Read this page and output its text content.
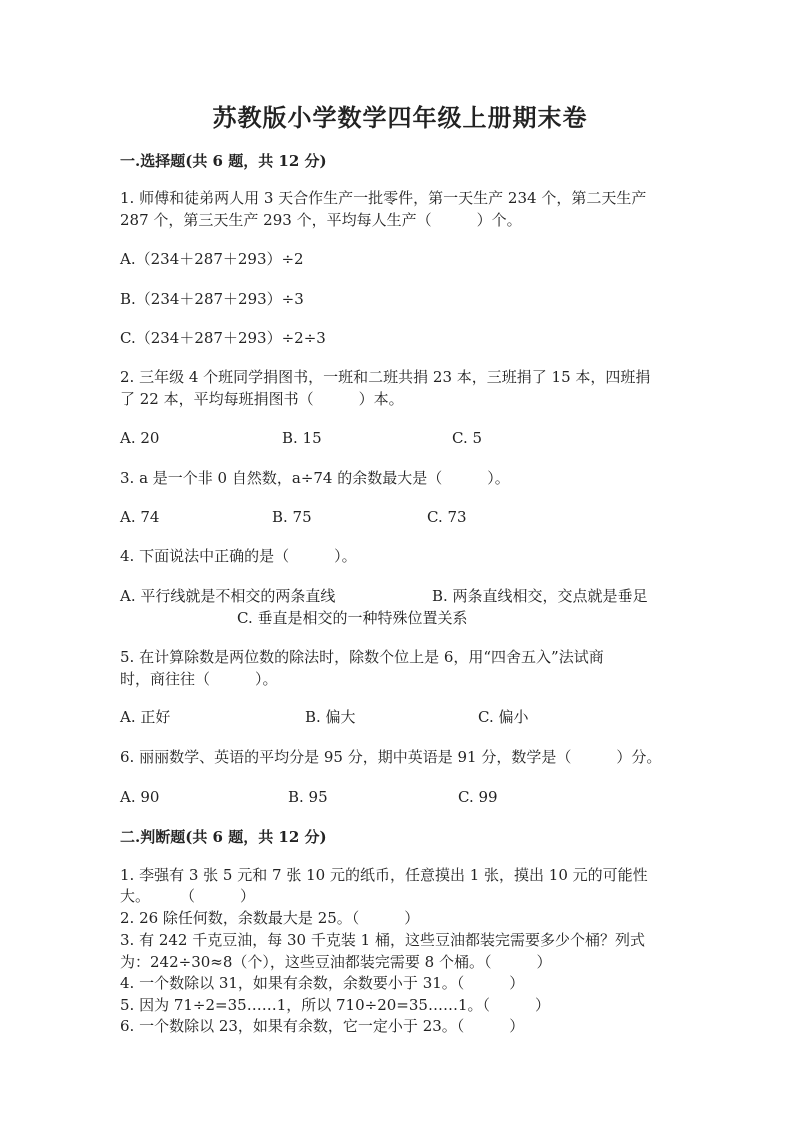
苏教版小学数学四年级上册期末卷
一.选择题(共 6 题，共 12 分)
1. 师傅和徒弟两人用 3 天合作生产一批零件，第一天生产 234 个，第二天生产
287 个，第三天生产 293 个，平均每人生产（　　　）个。
A.（234＋287＋293）÷2
B.（234＋287＋293）÷3
C.（234＋287＋293）÷2÷3
2. 三年级 4 个班同学捐图书，一班和二班共捐 23 本，三班捐了 15 本，四班捐
了 22 本，平均每班捐图书（　　　）本。
A. 20	B. 15	C. 5
3. a 是一个非 0 自然数，a÷74 的余数最大是（　　　）。
A. 74	B. 75	C. 73
4. 下面说法中正确的是（　　　）。
A. 平行线就是不相交的两条直线	B. 两条直线相交，交点就是垂足
C. 垂直是相交的一种特殊位置关系
5. 在计算除数是两位数的除法时，除数个位上是 6，用“四舍五入”法试商
时，商往往（　　　）。
A. 正好	B. 偏大	C. 偏小
6. 丽丽数学、英语的平均分是 95 分，期中英语是 91 分，数学是（　　　）分。
A. 90	B. 95	C. 99
二.判断题(共 6 题，共 12 分)
1. 李强有 3 张 5 元和 7 张 10 元的纸币，任意摸出 1 张，摸出 10 元的可能性
大。　　　（　　　）
2. 26 除任何数，余数最大是 25。（　　　）
3. 有 242 千克豆油，每 30 千克装 1 桶，这些豆油都装完需要多少个桶？列式
为：242÷30≈8（个），这些豆油都装完需要 8 个桶。（　　　）
4. 一个数除以 31，如果有余数，余数要小于 31。（　　　）
5. 因为 71÷2=35……1，所以 710÷20=35……1。（　　　）
6. 一个数除以 23，如果有余数，它一定小于 23。（　　　）
